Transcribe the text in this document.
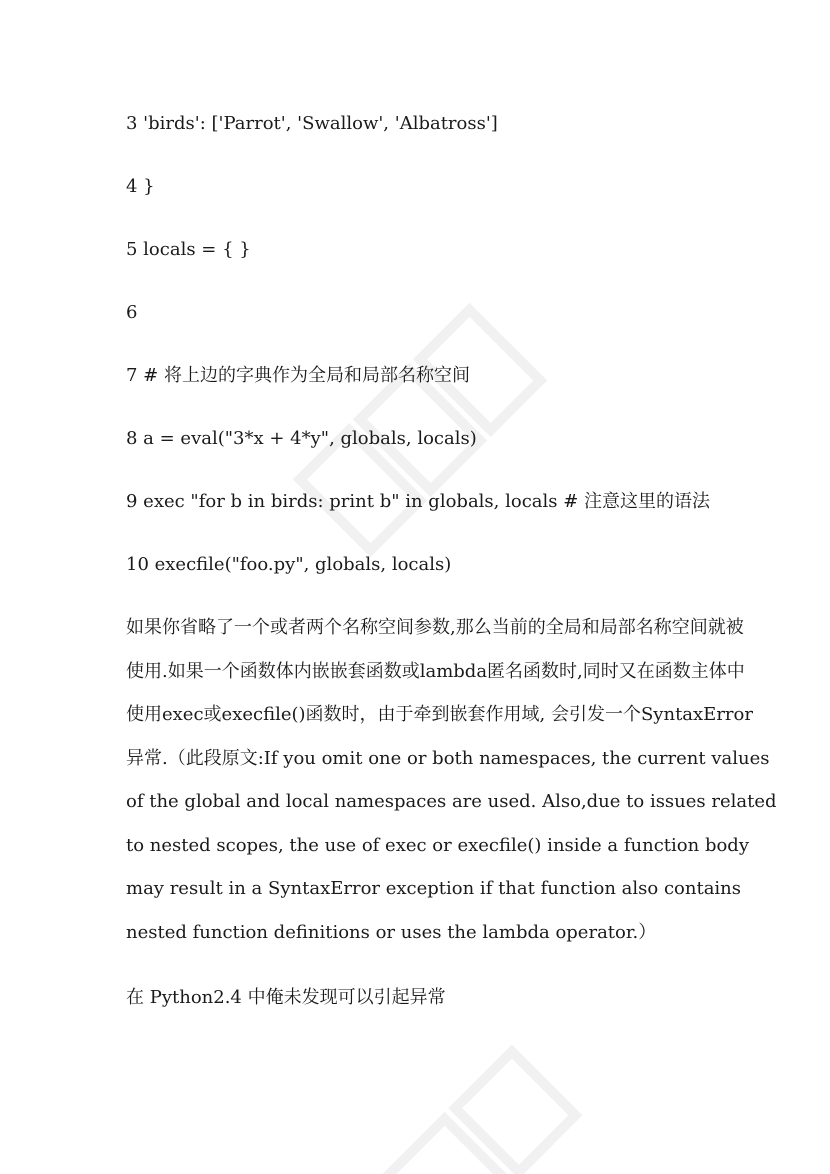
3 'birds': ['Parrot', 'Swallow', 'Albatross']

4 }

5 locals = { }

6

7 # 将上边的字典作为全局和局部名称空间

8 a = eval("3*x + 4*y", globals, locals)

9 exec "for b in birds: print b" in globals, locals # 注意这里的语法

10 execfile("foo.py", globals, locals)

如果你省略了一个或者两个名称空间参数,那么当前的全局和局部名称空间就被
使用.如果一个函数体内嵌嵌套函数或lambda匿名函数时,同时又在函数主体中
使用exec或execfile()函数时，由于牵到嵌套作用域, 会引发一个SyntaxError
异常.（此段原文:If you omit one or both namespaces, the current values
of the global and local namespaces are used. Also,due to issues related
to nested scopes, the use of exec or execfile() inside a function body
may result in a SyntaxError exception if that function also contains
nested function definitions or uses the lambda operator.）

在 Python2.4 中俺未发现可以引起异常
